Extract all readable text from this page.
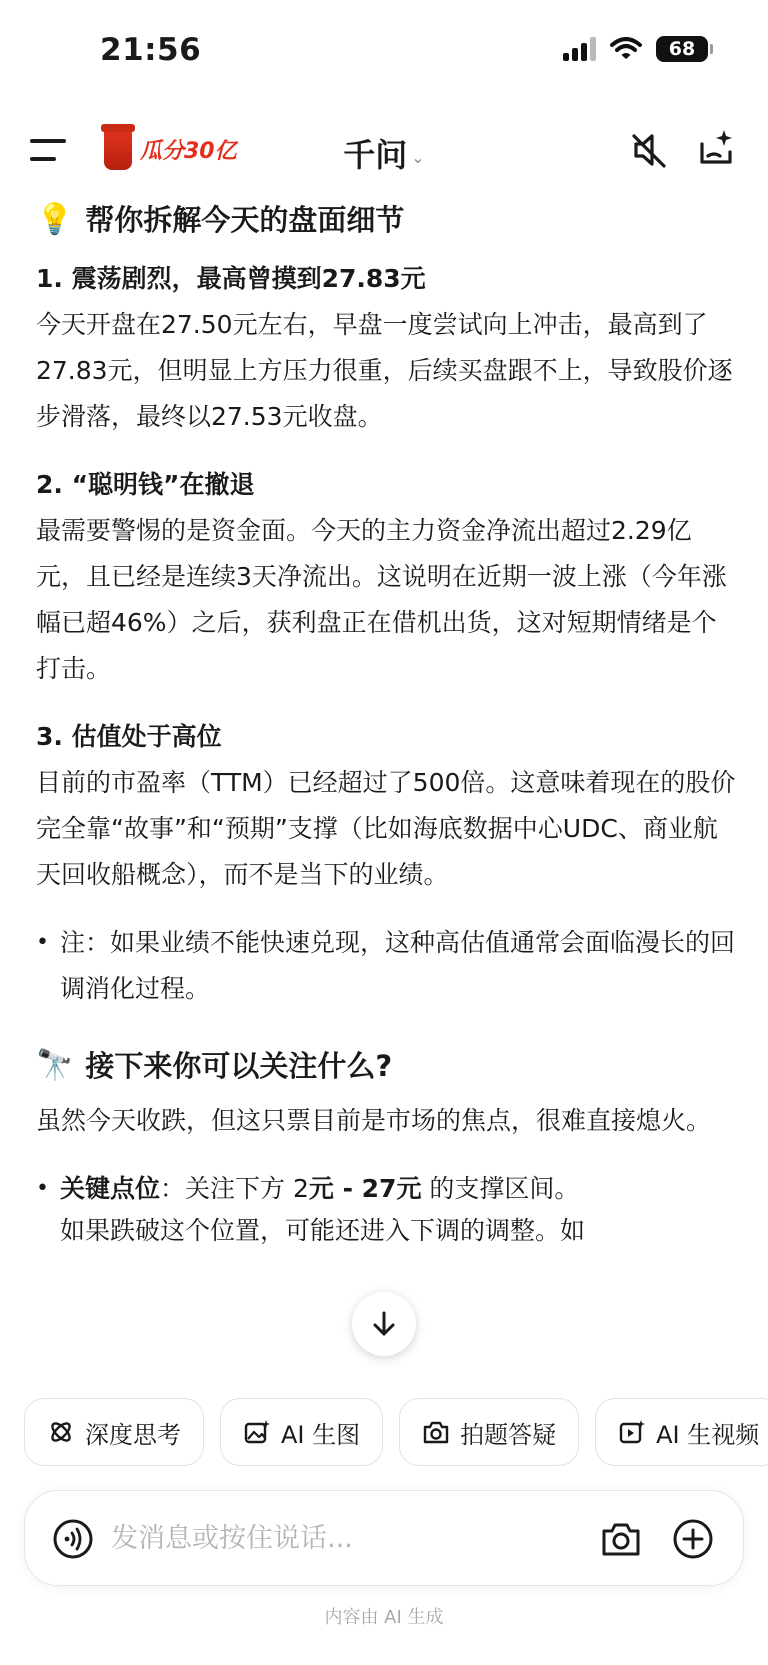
21:56	68
瓜分30亿	千问 ⌄
💡 帮你拆解今天的盘面细节
1. 震荡剧烈，最高曾摸到27.83元
今天开盘在27.50元左右，早盘一度尝试向上冲击，最高到了27.83元，但明显上方压力很重，后续买盘跟不上，导致股价逐步滑落，最终以27.53元收盘。
2. “聪明钱”在撤退
最需要警惕的是资金面。今天的主力资金净流出超过2.29亿元，且已经是连续3天净流出。这说明在近期一波上涨（今年涨幅已超46%）之后，获利盘正在借机出货，这对短期情绪是个打击。
3. 估值处于高位
目前的市盈率（TTM）已经超过了500倍。这意味着现在的股价完全靠“故事”和“预期”支撑（比如海底数据中心UDC、商业航天回收船概念），而不是当下的业绩。
• 注：如果业绩不能快速兑现，这种高估值通常会面临漫长的回调消化过程。
🔭 接下来你可以关注什么?
虽然今天收跌，但这只票目前是市场的焦点，很难直接熄火。
• 关键点位：关注下方 2元 - 27元 的支撑区间。
如果跌破这个位置，可能还进入下调的调整。如
深度思考	AI 生图	拍题答疑	AI 生视频
发消息或按住说话...
内容由 AI 生成
